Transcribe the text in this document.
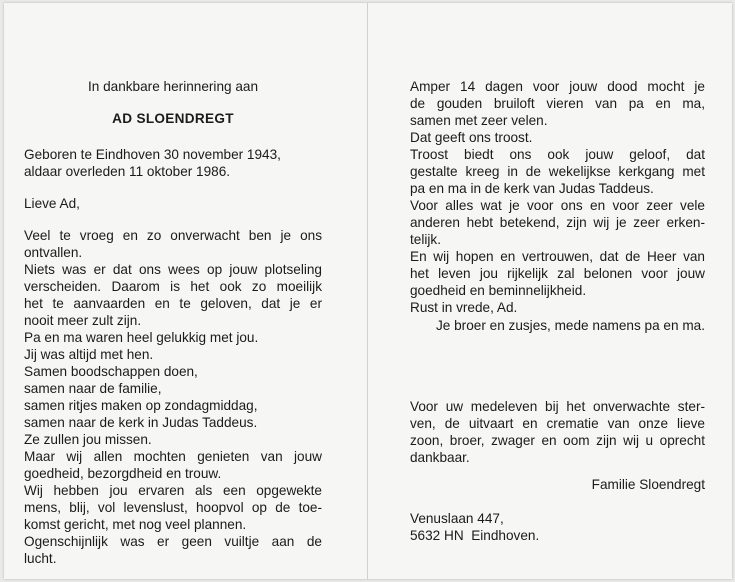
In dankbare herinnering aan
AD SLOENDREGT
Geboren te Eindhoven 30 november 1943,
aldaar overleden 11 oktober 1986.
Lieve Ad,
Veel te vroeg en zo onverwacht ben je ons
ontvallen.
Niets was er dat ons wees op jouw plotseling
verscheiden. Daarom is het ook zo moeilijk
het te aanvaarden en te geloven, dat je er
nooit meer zult zijn.
Pa en ma waren heel gelukkig met jou.
Jij was altijd met hen.
Samen boodschappen doen,
samen naar de familie,
samen ritjes maken op zondagmiddag,
samen naar de kerk in Judas Taddeus.
Ze zullen jou missen.
Maar wij allen mochten genieten van jouw
goedheid, bezorgdheid en trouw.
Wij hebben jou ervaren als een opgewekte
mens, blij, vol levenslust, hoopvol op de toe-
komst gericht, met nog veel plannen.
Ogenschijnlijk was er geen vuiltje aan de
lucht.
Amper 14 dagen voor jouw dood mocht je
de gouden bruiloft vieren van pa en ma,
samen met zeer velen.
Dat geeft ons troost.
Troost biedt ons ook jouw geloof, dat
gestalte kreeg in de wekelijkse kerkgang met
pa en ma in de kerk van Judas Taddeus.
Voor alles wat je voor ons en voor zeer vele
anderen hebt betekend, zijn wij je zeer erken-
telijk.
En wij hopen en vertrouwen, dat de Heer van
het leven jou rijkelijk zal belonen voor jouw
goedheid en beminnelijkheid.
Rust in vrede, Ad.
Je broer en zusjes, mede namens pa en ma.
Voor uw medeleven bij het onverwachte ster-
ven, de uitvaart en crematie van onze lieve
zoon, broer, zwager en oom zijn wij u oprecht
dankbaar.
Familie Sloendregt
Venuslaan 447,
5632 HN  Eindhoven.
